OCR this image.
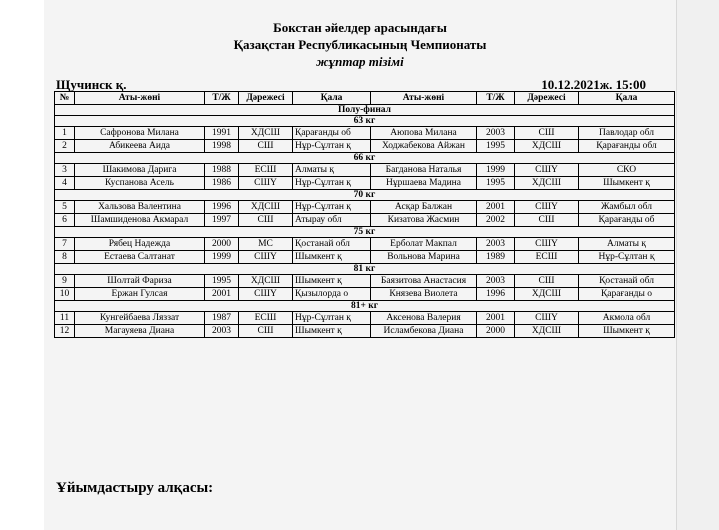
Бокстан әйелдер арасындағы
Қазақстан Республикасының Чемпионаты
жұптар тізімі
Щучинск қ.	10.12.2021ж. 15:00
№	Аты-жөні	Т/Ж	Дәрежесі	Қала	Аты-жөні	Т/Ж	Дәрежесі	Қала
Полу-финал								
63 кг								
1	Сафронова Милана	1991	ХДСШ	Қарағанды об	Аюпова Милана	2003	СШ	Павлодар обл
2	Абикеева Аида	1998	СШ	Нұр-Сұлтан қ	Ходжабекова Айжан	1995	ХДСШ	Қарағанды обл
66 кг								
3	Шакимова Дарига	1988	ЕСШ	Алматы қ	Багданова Наталья	1999	СШҮ	СКО
4	Куспанова Асель	1986	СШҮ	Нұр-Сұлтан қ	Нұршаева Мадина	1995	ХДСШ	Шымкент қ
70 кг								
5	Хальзова Валентина	1996	ХДСШ	Нұр-Сұлтан қ	Асқар Балжан	2001	СШҮ	Жамбыл обл
6	Шамшиденова Акмарал	1997	СШ	Атырау обл	Кизатова Жасмин	2002	СШ	Қарағанды об
75 кг								
7	Рябец Надежда	2000	МС	Қостанай обл	Ерболат Макпал	2003	СШҮ	Алматы қ
8	Естаева Салтанат	1999	СШҮ	Шымкент қ	Вольнова Марина	1989	ЕСШ	Нұр-Сұлтан қ
81 кг								
9	Шолтай Фариза	1995	ХДСШ	Шымкент қ	Баязитова Анастасия	2003	СШ	Қостанай обл
10	Ержан Гулсая	2001	СШҮ	Қызылорда о	Князева Виолета	1996	ХДСШ	Қарағанды о
81+ кг								
11	Кунгейбаева Ляззат	1987	ЕСШ	Нұр-Сұлтан қ	Аксенова Валерия	2001	СШҮ	Акмола обл
12	Магауяева Диана	2003	СШ	Шымкент қ	Исламбекова Диана	2000	ХДСШ	Шымкент қ
Ұйымдастыру алқасы:
